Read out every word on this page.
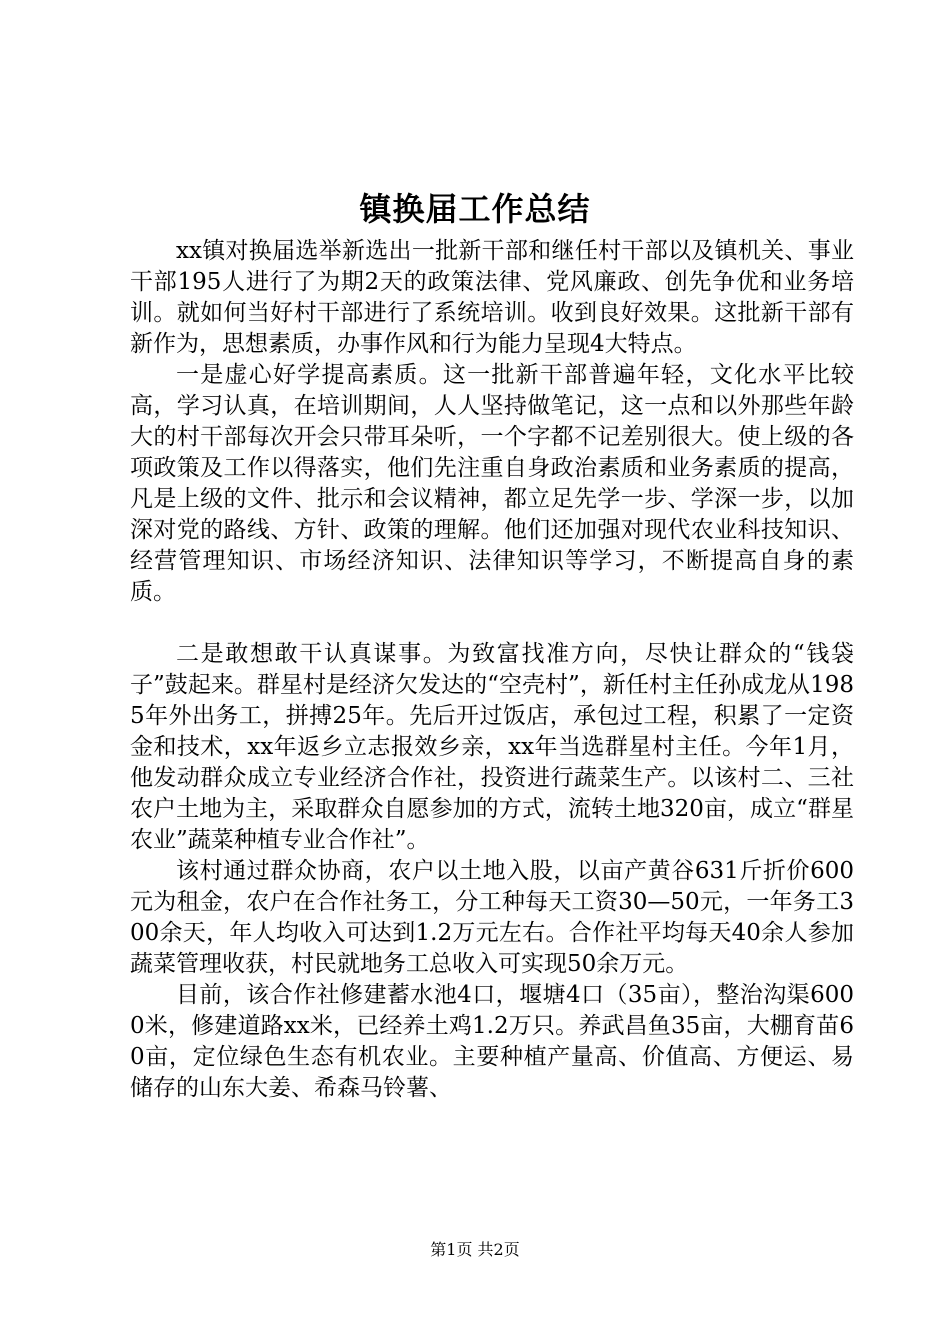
镇换届工作总结

xx镇对换届选举新选出一批新干部和继任村干部以及镇机关、事业干部195人进行了为期2天的政策法律、党风廉政、创先争优和业务培训。就如何当好村干部进行了系统培训。收到良好效果。这批新干部有新作为，思想素质，办事作风和行为能力呈现4大特点。

一是虚心好学提高素质。这一批新干部普遍年轻，文化水平比较高，学习认真，在培训期间，人人坚持做笔记，这一点和以外那些年龄大的村干部每次开会只带耳朵听，一个字都不记差别很大。使上级的各项政策及工作以得落实，他们先注重自身政治素质和业务素质的提高，凡是上级的文件、批示和会议精神，都立足先学一步、学深一步，以加深对党的路线、方针、政策的理解。他们还加强对现代农业科技知识、经营管理知识、市场经济知识、法律知识等学习，不断提高自身的素质。

二是敢想敢干认真谋事。为致富找准方向，尽快让群众的“钱袋子”鼓起来。群星村是经济欠发达的“空壳村”，新任村主任孙成龙从1985年外出务工，拼搏25年。先后开过饭店，承包过工程，积累了一定资金和技术，xx年返乡立志报效乡亲，xx年当选群星村主任。今年1月，他发动群众成立专业经济合作社，投资进行蔬菜生产。以该村二、三社农户土地为主，采取群众自愿参加的方式，流转土地320亩，成立“群星农业”蔬菜种植专业合作社”。

该村通过群众协商，农户以土地入股，以亩产黄谷631斤折价600元为租金，农户在合作社务工，分工种每天工资30—50元，一年务工300余天，年人均收入可达到1.2万元左右。合作社平均每天40余人参加蔬菜管理收获，村民就地务工总收入可实现50余万元。

目前，该合作社修建蓄水池4口，堰塘4口（35亩），整治沟渠6000米，修建道路xx米，已经养土鸡1.2万只。养武昌鱼35亩，大棚育苗60亩，定位绿色生态有机农业。主要种植产量高、价值高、方便运、易储存的山东大姜、希森马铃薯、

第1页 共2页
